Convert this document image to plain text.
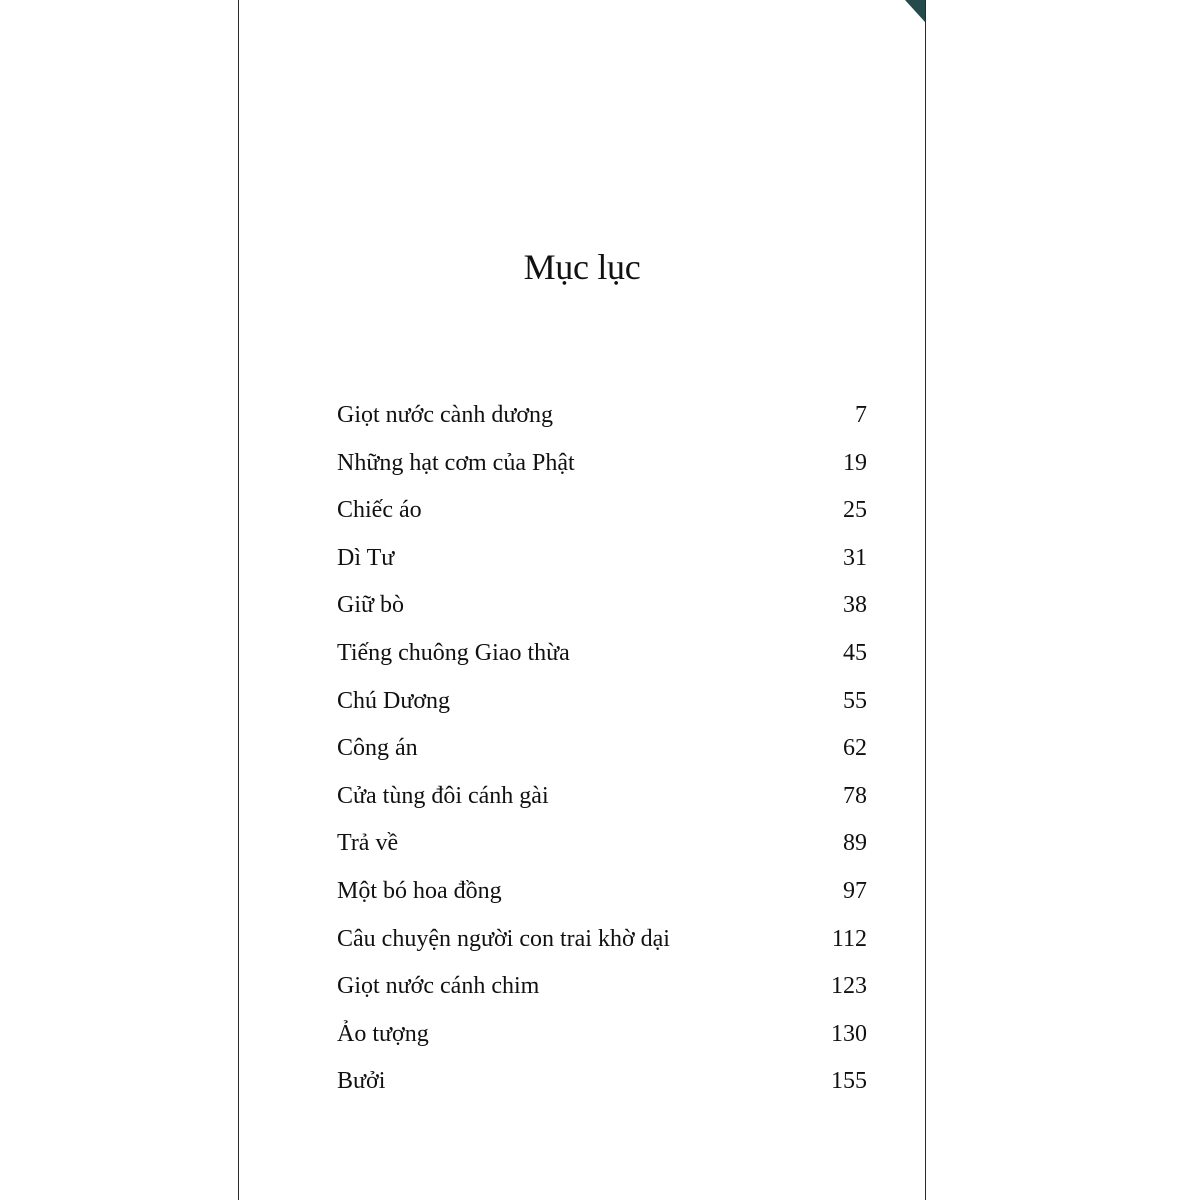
Mục lục
Giọt nước cành dương	7
Những hạt cơm của Phật	19
Chiếc áo	25
Dì Tư	31
Giữ bò	38
Tiếng chuông Giao thừa	45
Chú Dương	55
Công án	62
Cửa tùng đôi cánh gài	78
Trả về	89
Một bó hoa đồng	97
Câu chuyện người con trai khờ dại	112
Giọt nước cánh chim	123
Ảo tượng	130
Bưởi	155
